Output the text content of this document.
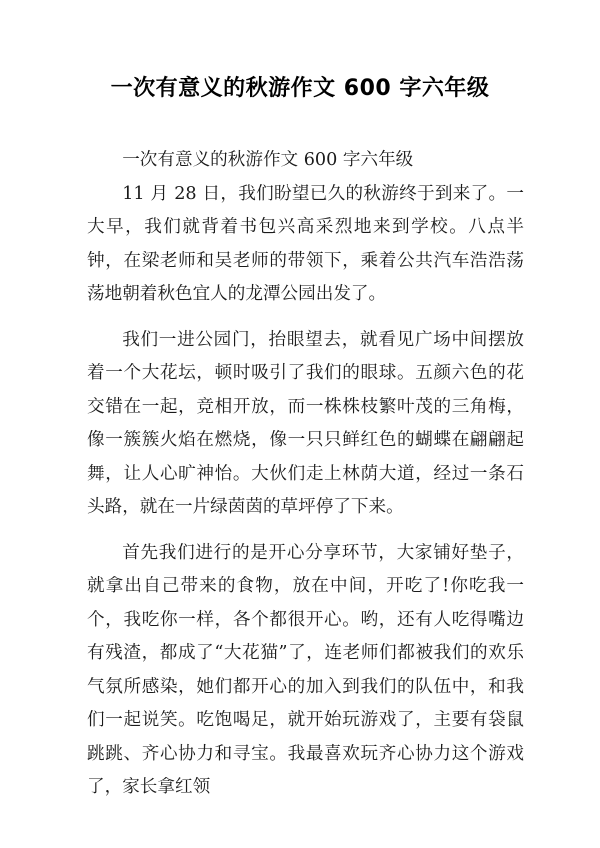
一次有意义的秋游作文 600 字六年级

一次有意义的秋游作文 600 字六年级

11 月 28 日，我们盼望已久的秋游终于到来了。一大早，我们就背着书包兴高采烈地来到学校。八点半钟，在梁老师和吴老师的带领下，乘着公共汽车浩浩荡荡地朝着秋色宜人的龙潭公园出发了。

我们一进公园门，抬眼望去，就看见广场中间摆放着一个大花坛，顿时吸引了我们的眼球。五颜六色的花交错在一起，竞相开放，而一株株枝繁叶茂的三角梅，像一簇簇火焰在燃烧，像一只只鲜红色的蝴蝶在翩翩起舞，让人心旷神怡。大伙们走上林荫大道，经过一条石头路，就在一片绿茵茵的草坪停了下来。

首先我们进行的是开心分享环节，大家铺好垫子，就拿出自己带来的食物，放在中间，开吃了!你吃我一个，我吃你一样，各个都很开心。哟，还有人吃得嘴边有残渣，都成了“大花猫”了，连老师们都被我们的欢乐气氛所感染，她们都开心的加入到我们的队伍中，和我们一起说笑。吃饱喝足，就开始玩游戏了，主要有袋鼠跳跳、齐心协力和寻宝。我最喜欢玩齐心协力这个游戏了，家长拿红领
